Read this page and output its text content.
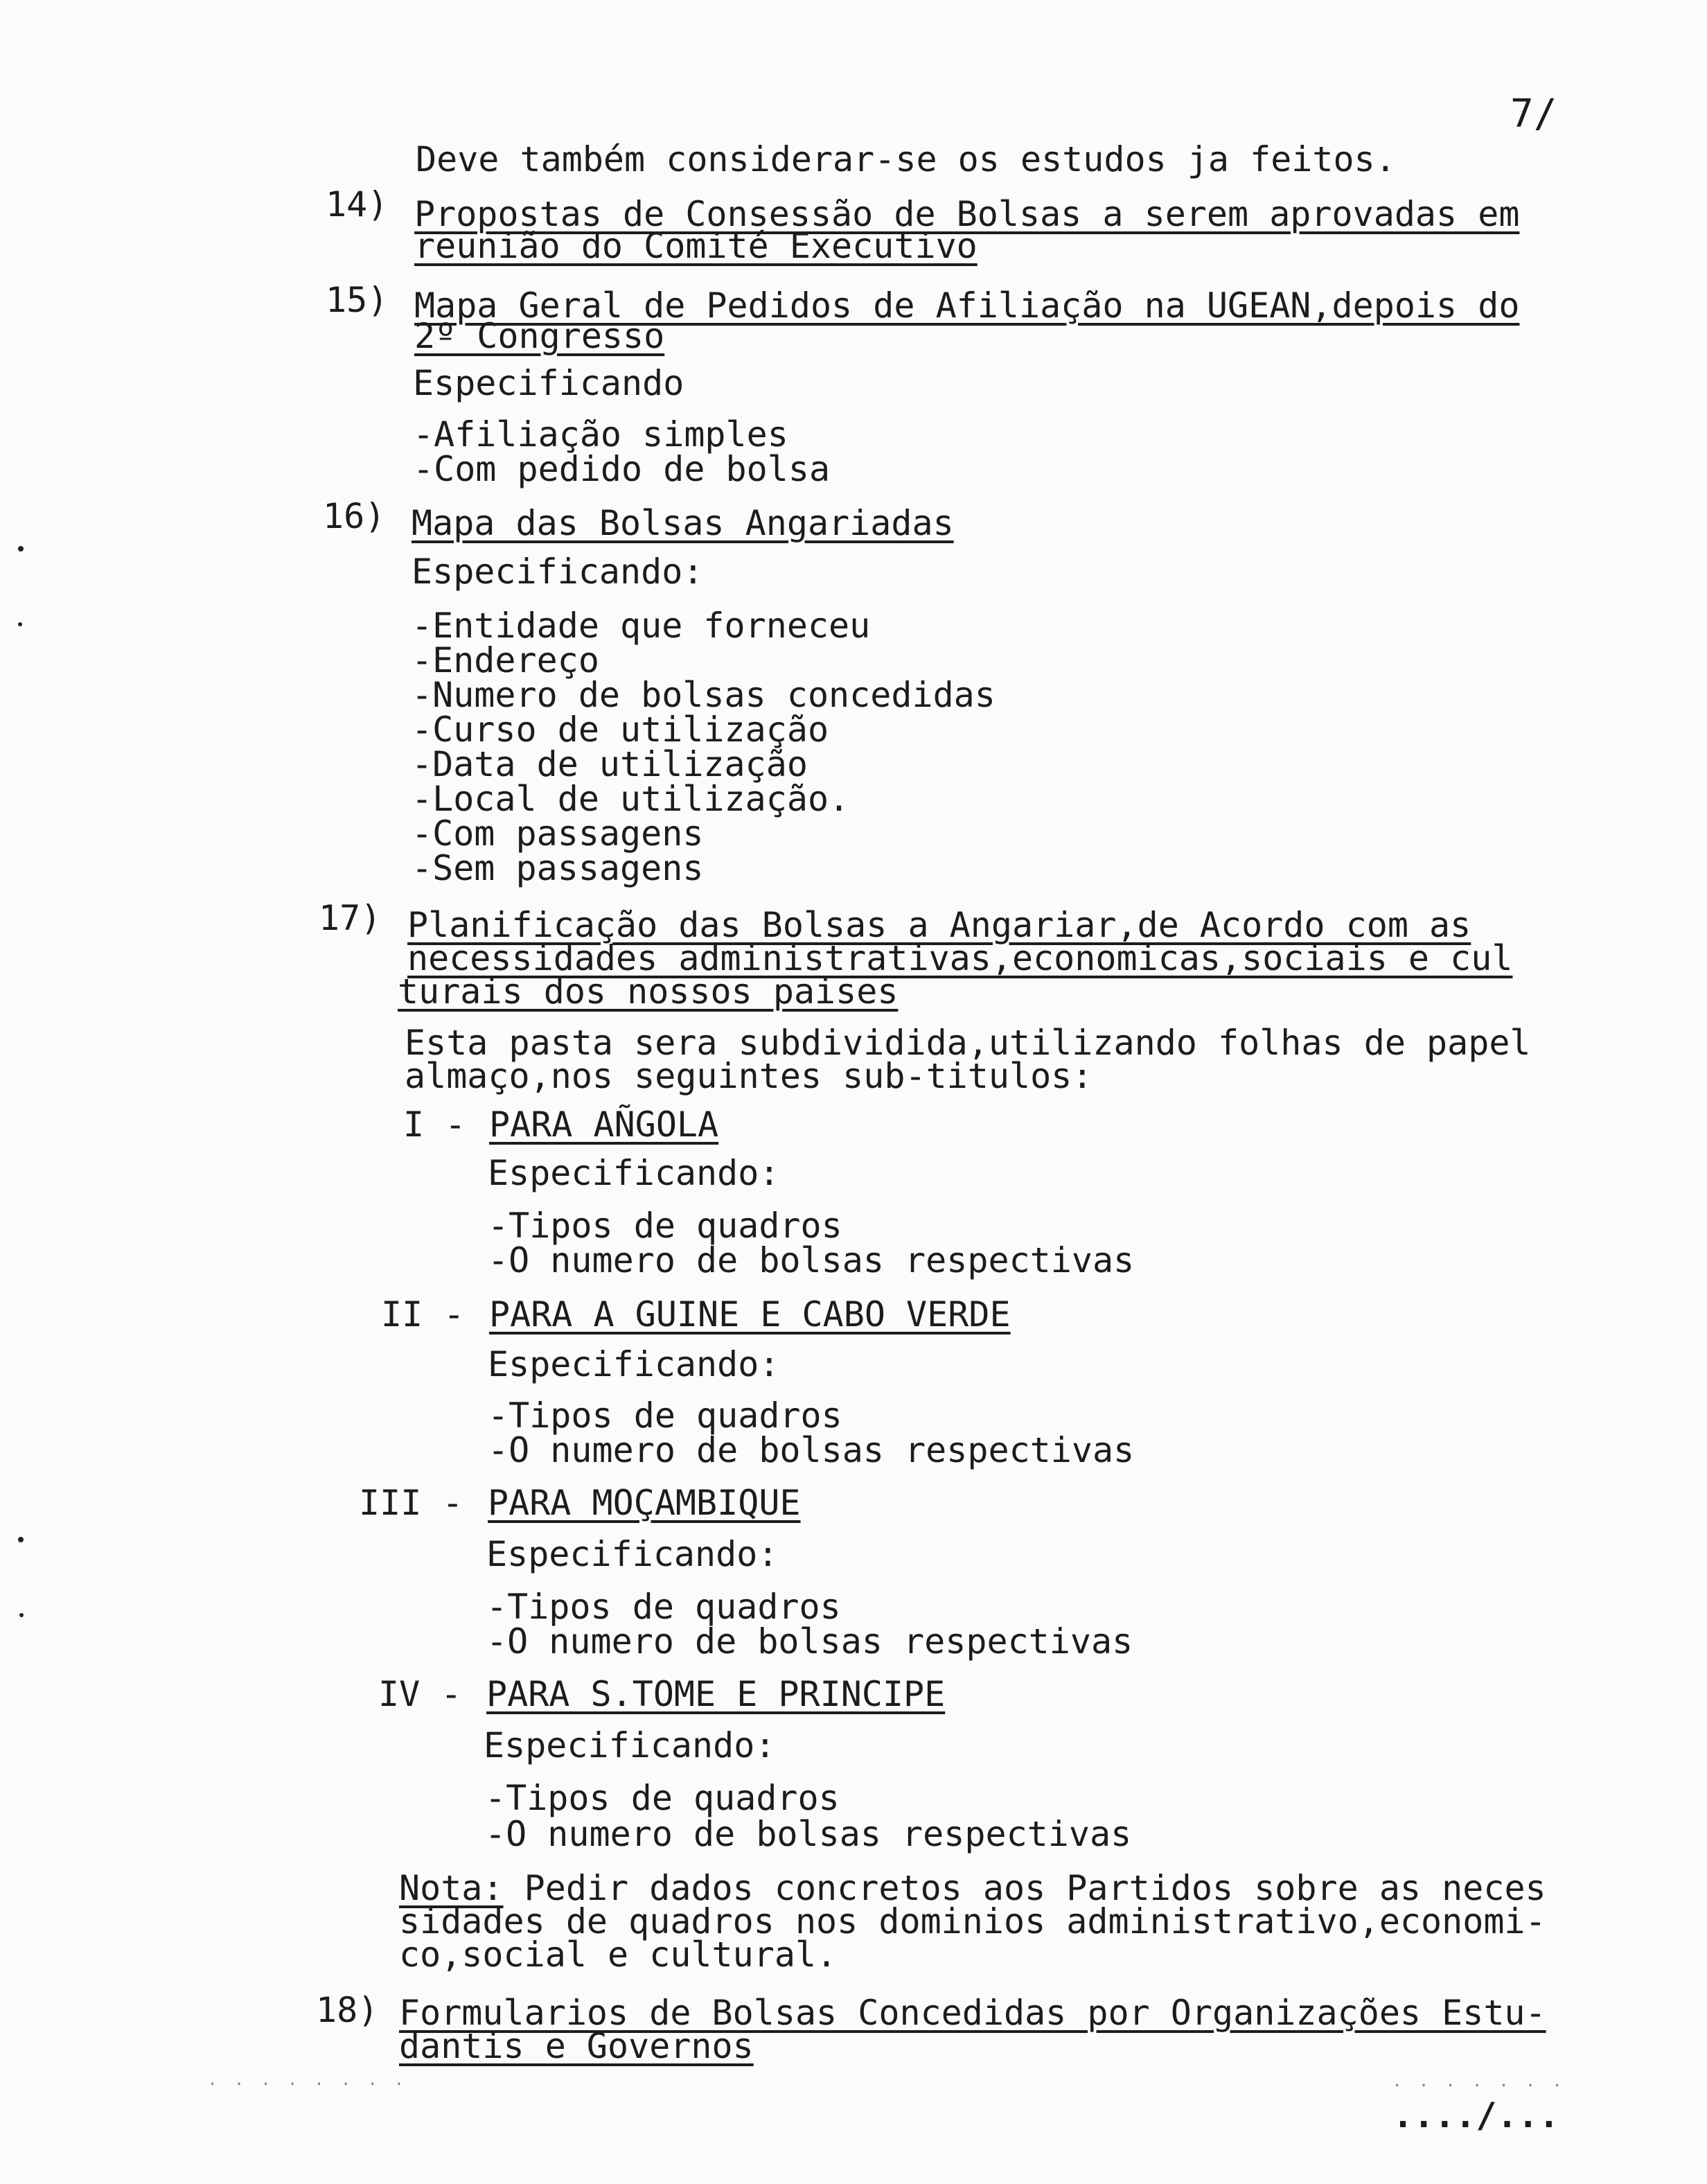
7/
Deve também considerar-se os estudos ja feitos.
14) Propostas de Consessão de Bolsas a serem aprovadas em
reunião do Comité Executivo
15) Mapa Geral de Pedidos de Afiliação na UGEAN,depois do
2º Congresso
Especificando
-Afiliação simples
-Com pedido de bolsa
16) Mapa das Bolsas Angariadas
Especificando:
-Entidade que forneceu
-Endereço
-Numero de bolsas concedidas
-Curso de utilização
-Data de utilização
-Local de utilização.
-Com passagens
-Sem passagens
17) Planificação das Bolsas a Angariar,de Acordo com as
necessidades administrativas,economicas,sociais e cul
turais dos nossos paises
Esta pasta sera subdividida,utilizando folhas de papel
almaço,nos seguintes sub-titulos:
I - PARA AÑGOLA
Especificando:
-Tipos de quadros
-O numero de bolsas respectivas
II - PARA A GUINE E CABO VERDE
Especificando:
-Tipos de quadros
-O numero de bolsas respectivas
III - PARA MOÇAMBIQUE
Especificando:
-Tipos de quadros
-O numero de bolsas respectivas
IV - PARA S.TOME E PRINCIPE
Especificando:
-Tipos de quadros
-O numero de bolsas respectivas
Nota: Pedir dados concretos aos Partidos sobre as neces
sidades de quadros nos dominios administrativo,economi-
co,social e cultural.
18) Formularios de Bolsas Concedidas por Organizações Estu-
dantis e Governos
..../...
. . . . . . . .	. . . . . . .
